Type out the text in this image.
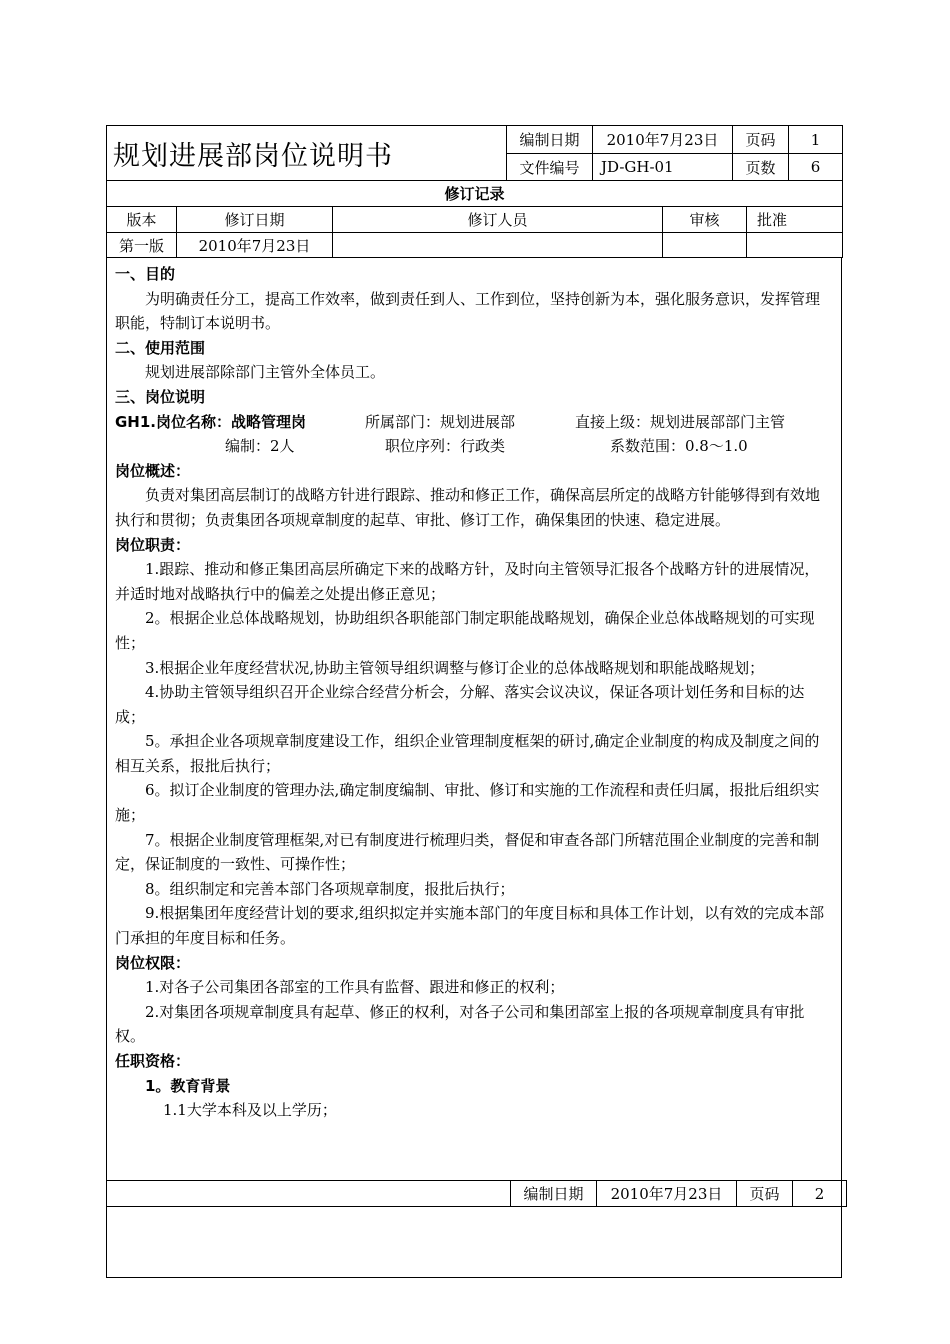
规划进展部岗位说明书	编制日期	2010年7月23日	页码	1
	文件编号	JD-GH-01	页数	6
修订记录				
版本	修订日期	修订人员	审核	批准
第一版	2010年7月23日			
一、目的
为明确责任分工，提高工作效率，做到责任到人、工作到位，坚持创新为本，强化服务意识，发挥管理职能，特制订本说明书。
二、使用范围
规划进展部除部门主管外全体员工。
三、岗位说明
GH1.岗位名称：战略管理岗	所属部门：规划进展部	直接上级：规划进展部部门主管
编制：2人	职位序列：行政类	系数范围：0.8～1.0
岗位概述：
负责对集团高层制订的战略方针进行跟踪、推动和修正工作，确保高层所定的战略方针能够得到有效地执行和贯彻；负责集团各项规章制度的起草、审批、修订工作，确保集团的快速、稳定进展。
岗位职责：
1.跟踪、推动和修正集团高层所确定下来的战略方针，及时向主管领导汇报各个战略方针的进展情况，并适时地对战略执行中的偏差之处提出修正意见；
2。根据企业总体战略规划，协助组织各职能部门制定职能战略规划，确保企业总体战略规划的可实现性；
3.根据企业年度经营状况,协助主管领导组织调整与修订企业的总体战略规划和职能战略规划；
4.协助主管领导组织召开企业综合经营分析会，分解、落实会议决议，保证各项计划任务和目标的达成；
5。承担企业各项规章制度建设工作，组织企业管理制度框架的研讨,确定企业制度的构成及制度之间的相互关系，报批后执行；
6。拟订企业制度的管理办法,确定制度编制、审批、修订和实施的工作流程和责任归属，报批后组织实施；
7。根据企业制度管理框架,对已有制度进行梳理归类，督促和审查各部门所辖范围企业制度的完善和制定，保证制度的一致性、可操作性；
8。组织制定和完善本部门各项规章制度，报批后执行；
9.根据集团年度经营计划的要求,组织拟定并实施本部门的年度目标和具体工作计划，以有效的完成本部门承担的年度目标和任务。
岗位权限：
1.对各子公司集团各部室的工作具有监督、跟进和修正的权利；
2.对集团各项规章制度具有起草、修正的权利，对各子公司和集团部室上报的各项规章制度具有审批权。
任职资格：
1。教育背景
1.1大学本科及以上学历；
	编制日期	2010年7月23日	页码	2
